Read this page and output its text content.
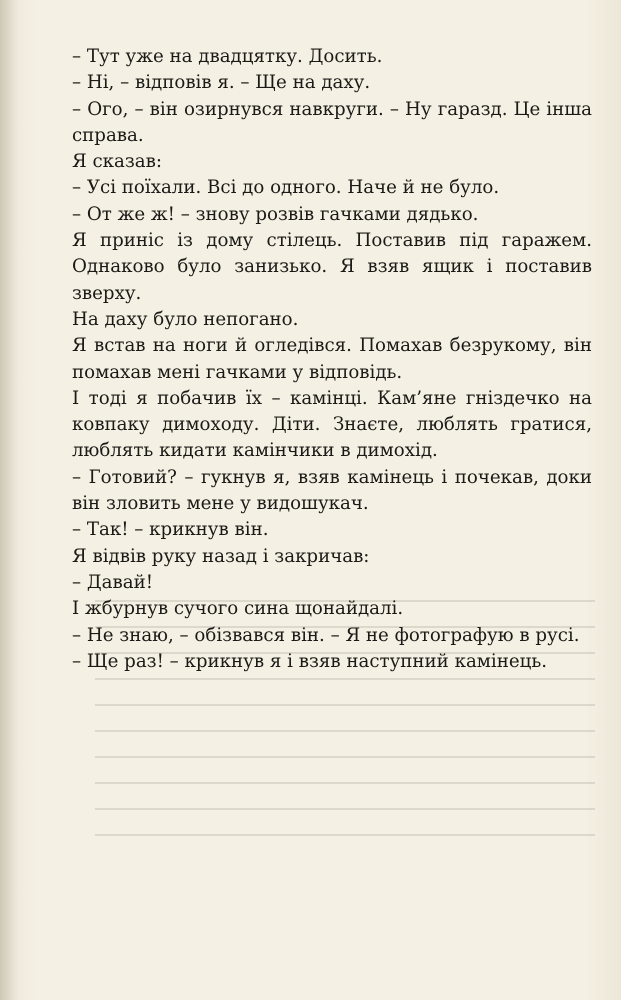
– Тут уже на двадцятку. Досить.

– Ні, – відповів я. – Ще на даху.

– Ого, – він озирнувся навкруги. – Ну гаразд. Це інша справа.

Я сказав:

– Усі поїхали. Всі до одного. Наче й не було.

– От же ж! – знову розвів гачками дядько.

Я приніс із дому стілець. Поставив під гаражем. Однаково було занизько. Я взяв ящик і поставив зверху.

На даху було непогано.

Я встав на ноги й огледівся. Помахав безрукому, він помахав мені гачками у відповідь.

І тоді я побачив їх – камінці. Кам’яне гніздечко на ковпаку димоходу. Діти. Знаєте, люблять гратися, люблять кидати камінчики в димохід.

– Готовий? – гукнув я, взяв камінець і почекав, доки він зловить мене у видошукач.

– Так! – крикнув він.

Я відвів руку назад і закричав:

– Давай!

І жбурнув сучого сина щонайдалі.

– Не знаю, – обізвався він. – Я не фотографую в русі.

– Ще раз! – крикнув я і взяв наступний камінець.
